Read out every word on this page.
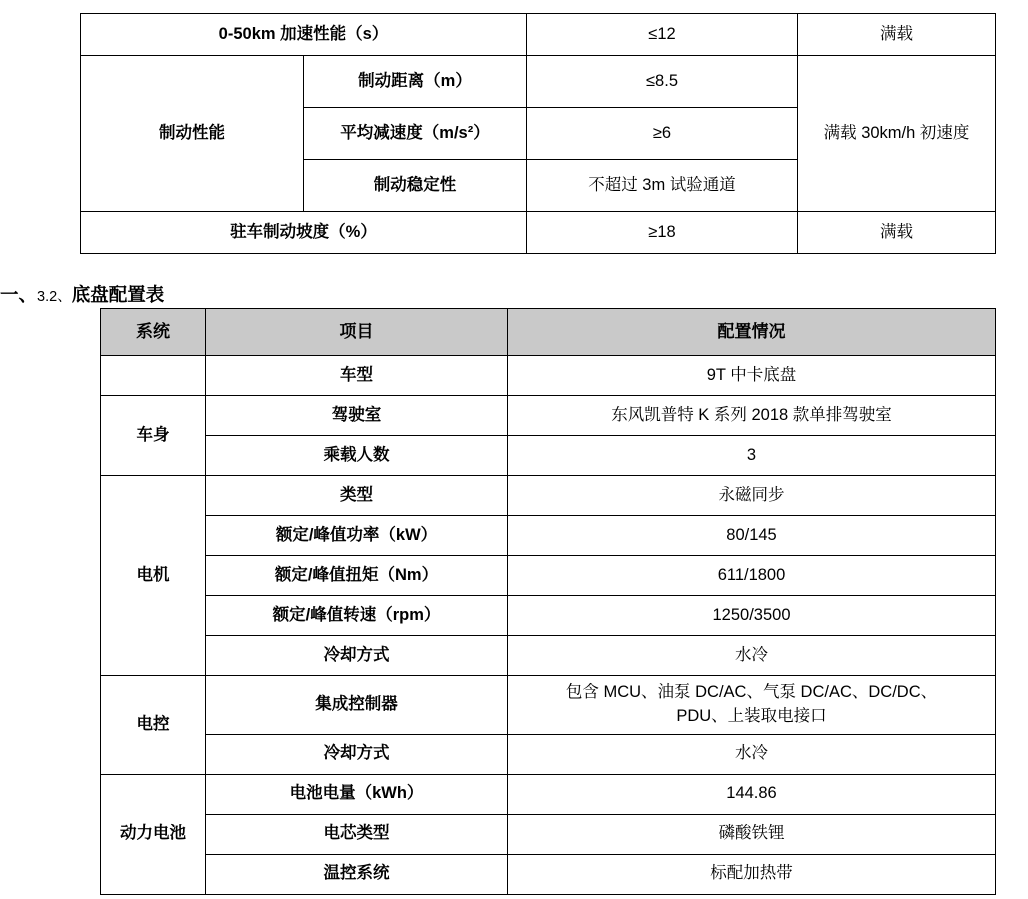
0-50km 加速性能（s）		≤12	满载
制动性能	制动距离（m）	≤8.5	满载 30km/h 初速度
	平均减速度（m/s²）	≥6	
	制动稳定性	不超过 3m 试验通道	
驻车制动坡度（%）		≥18	满载
一、3.2、底盘配置表
系统	项目	配置情况
	车型	9T 中卡底盘
车身	驾驶室	东风凯普特 K 系列 2018 款单排驾驶室
	乘载人数	3
电机	类型	永磁同步
	额定/峰值功率（kW）	80/145
	额定/峰值扭矩（Nm）	611/1800
	额定/峰值转速（rpm）	1250/3500
	冷却方式	水冷
电控	集成控制器	包含 MCU、油泵 DC/AC、气泵 DC/AC、DC/DC、PDU、上装取电接口
	冷却方式	水冷
动力电池	电池电量（kWh）	144.86
	电芯类型	磷酸铁锂
	温控系统	标配加热带
